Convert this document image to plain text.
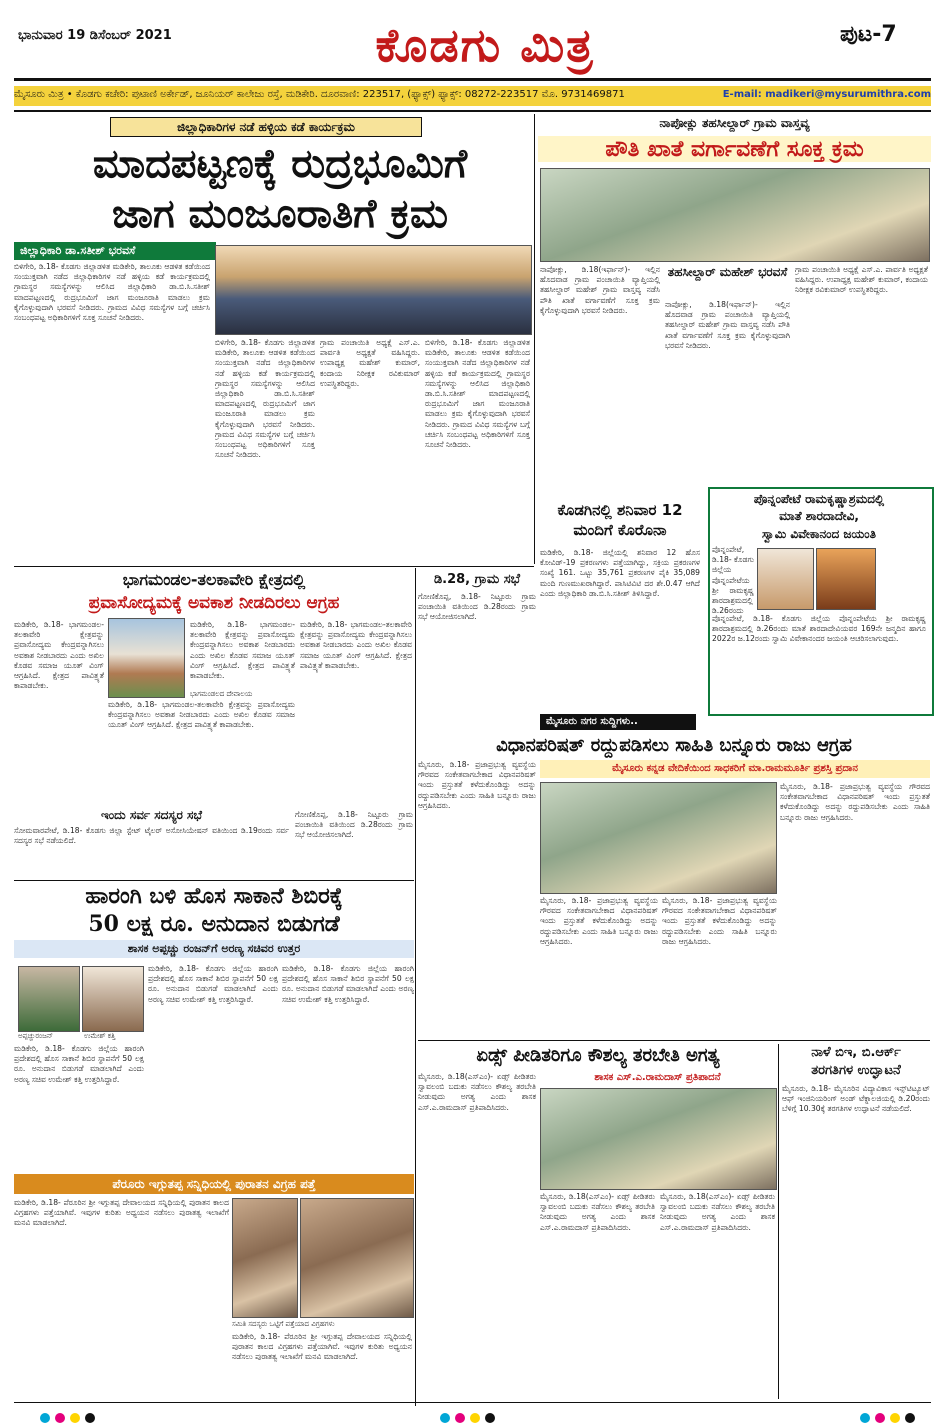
ಭಾನುವಾರ 19 ಡಿಸೆಂಬರ್ 2021	ಕೊಡಗು ಮಿತ್ರ	ಪುಟ-7
ಮೈಸೂರು ಮಿತ್ರ • ಕೊಡಗು ಕಚೇರಿ: ಪುಟಾಣಿ ಅರ್ಕೇಡ್, ಜೂನಿಯರ್ ಕಾಲೇಜು ರಸ್ತೆ, ಮಡಿಕೇರಿ. ದೂರವಾಣಿ: 223517, (ಫ್ಯಾಕ್ಸ್) ಫ್ಯಾಕ್ಸ್: 08272-223517 ಮೊ. 9731469871	E-mail: madikeri@mysurumithra.com
ಜಿಲ್ಲಾಧಿಕಾರಿಗಳ ನಡೆ ಹಳ್ಳಿಯ ಕಡೆ ಕಾರ್ಯಕ್ರಮ
ಮಾದಪಟ್ಟಣಕ್ಕೆ ರುದ್ರಭೂಮಿಗೆ
ಜಾಗ ಮಂಜೂರಾತಿಗೆ ಕ್ರಮ
ಜಿಲ್ಲಾಧಿಕಾರಿ ಡಾ.ಸತೀಶ್ ಭರವಸೆ
ಬಿಳಿಗೇರಿ, ಡಿ.18- ಕೊಡಗು ಜಿಲ್ಲಾಡಳಿತ ಮಡಿಕೇರಿ, ತಾಲೂಕು ಆಡಳಿತ ಕಡೆಯಿಂದ ಸಂಯುಕ್ತವಾಗಿ ನಡೆದ ಜಿಲ್ಲಾಧಿಕಾರಿಗಳ ನಡೆ ಹಳ್ಳಿಯ ಕಡೆ ಕಾರ್ಯಕ್ರಮದಲ್ಲಿ ಗ್ರಾಮಸ್ಥರ ಸಮಸ್ಯೆಗಳನ್ನು ಆಲಿಸಿದ ಜಿಲ್ಲಾಧಿಕಾರಿ ಡಾ.ಬಿ.ಸಿ.ಸತೀಶ್ ಮಾದಪಟ್ಟಣದಲ್ಲಿ ರುದ್ರಭೂಮಿಗೆ ಜಾಗ ಮಂಜೂರಾತಿ ಮಾಡಲು ಕ್ರಮ ಕೈಗೊಳ್ಳುವುದಾಗಿ ಭರವಸೆ ನೀಡಿದರು. ಗ್ರಾಮದ ವಿವಿಧ ಸಮಸ್ಯೆಗಳ ಬಗ್ಗೆ ಚರ್ಚಿಸಿ ಸಂಬಂಧಪಟ್ಟ ಅಧಿಕಾರಿಗಳಿಗೆ ಸೂಕ್ತ ಸೂಚನೆ ನೀಡಿದರು.
ಬಿಳಿಗೇರಿ, ಡಿ.18- ಕೊಡಗು ಜಿಲ್ಲಾಡಳಿತ ಮಡಿಕೇರಿ, ತಾಲೂಕು ಆಡಳಿತ ಕಡೆಯಿಂದ ಸಂಯುಕ್ತವಾಗಿ ನಡೆದ ಜಿಲ್ಲಾಧಿಕಾರಿಗಳ ನಡೆ ಹಳ್ಳಿಯ ಕಡೆ ಕಾರ್ಯಕ್ರಮದಲ್ಲಿ ಗ್ರಾಮಸ್ಥರ ಸಮಸ್ಯೆಗಳನ್ನು ಆಲಿಸಿದ ಜಿಲ್ಲಾಧಿಕಾರಿ ಡಾ.ಬಿ.ಸಿ.ಸತೀಶ್ ಮಾದಪಟ್ಟಣದಲ್ಲಿ ರುದ್ರಭೂಮಿಗೆ ಜಾಗ ಮಂಜೂರಾತಿ ಮಾಡಲು ಕ್ರಮ ಕೈಗೊಳ್ಳುವುದಾಗಿ ಭರವಸೆ ನೀಡಿದರು. ಗ್ರಾಮದ ವಿವಿಧ ಸಮಸ್ಯೆಗಳ ಬಗ್ಗೆ ಚರ್ಚಿಸಿ ಸಂಬಂಧಪಟ್ಟ ಅಧಿಕಾರಿಗಳಿಗೆ ಸೂಕ್ತ ಸೂಚನೆ ನೀಡಿದರು.
ಗ್ರಾಮ ಪಂಚಾಯಿತಿ ಅಧ್ಯಕ್ಷೆ ಎಸ್.ಎ. ಪಾರ್ವತಿ ಅಧ್ಯಕ್ಷತೆ ವಹಿಸಿದ್ದರು. ಉಪಾಧ್ಯಕ್ಷ ಮಹೇಶ್ ಕುಮಾರ್, ಕಂದಾಯ ನಿರೀಕ್ಷಕ ರವಿಕುಮಾರ್ ಉಪಸ್ಥಿತರಿದ್ದರು.
ಬಿಳಿಗೇರಿ, ಡಿ.18- ಕೊಡಗು ಜಿಲ್ಲಾಡಳಿತ ಮಡಿಕೇರಿ, ತಾಲೂಕು ಆಡಳಿತ ಕಡೆಯಿಂದ ಸಂಯುಕ್ತವಾಗಿ ನಡೆದ ಜಿಲ್ಲಾಧಿಕಾರಿಗಳ ನಡೆ ಹಳ್ಳಿಯ ಕಡೆ ಕಾರ್ಯಕ್ರಮದಲ್ಲಿ ಗ್ರಾಮಸ್ಥರ ಸಮಸ್ಯೆಗಳನ್ನು ಆಲಿಸಿದ ಜಿಲ್ಲಾಧಿಕಾರಿ ಡಾ.ಬಿ.ಸಿ.ಸತೀಶ್ ಮಾದಪಟ್ಟಣದಲ್ಲಿ ರುದ್ರಭೂಮಿಗೆ ಜಾಗ ಮಂಜೂರಾತಿ ಮಾಡಲು ಕ್ರಮ ಕೈಗೊಳ್ಳುವುದಾಗಿ ಭರವಸೆ ನೀಡಿದರು. ಗ್ರಾಮದ ವಿವಿಧ ಸಮಸ್ಯೆಗಳ ಬಗ್ಗೆ ಚರ್ಚಿಸಿ ಸಂಬಂಧಪಟ್ಟ ಅಧಿಕಾರಿಗಳಿಗೆ ಸೂಕ್ತ ಸೂಚನೆ ನೀಡಿದರು.
ನಾಪೋಕ್ಲು ತಹಸೀಲ್ದಾರ್ ಗ್ರಾಮ ವಾಸ್ತವ್ಯ
ಪೌತಿ ಖಾತೆ ವರ್ಗಾವಣೆಗೆ ಸೂಕ್ತ ಕ್ರಮ
ನಾಪೋಕ್ಲು, ಡಿ.18(ಇರ್ಫಾನ್)- ಇಲ್ಲಿನ ಹೊದವಾಡ ಗ್ರಾಮ ಪಂಚಾಯಿತಿ ವ್ಯಾಪ್ತಿಯಲ್ಲಿ ತಹಸೀಲ್ದಾರ್ ಮಹೇಶ್ ಗ್ರಾಮ ವಾಸ್ತವ್ಯ ನಡೆಸಿ ಪೌತಿ ಖಾತೆ ವರ್ಗಾವಣೆಗೆ ಸೂಕ್ತ ಕ್ರಮ ಕೈಗೊಳ್ಳುವುದಾಗಿ ಭರವಸೆ ನೀಡಿದರು.
ತಹಸೀಲ್ದಾರ್ ಮಹೇಶ್ ಭರವಸೆ
ನಾಪೋಕ್ಲು, ಡಿ.18(ಇರ್ಫಾನ್)- ಇಲ್ಲಿನ ಹೊದವಾಡ ಗ್ರಾಮ ಪಂಚಾಯಿತಿ ವ್ಯಾಪ್ತಿಯಲ್ಲಿ ತಹಸೀಲ್ದಾರ್ ಮಹೇಶ್ ಗ್ರಾಮ ವಾಸ್ತವ್ಯ ನಡೆಸಿ ಪೌತಿ ಖಾತೆ ವರ್ಗಾವಣೆಗೆ ಸೂಕ್ತ ಕ್ರಮ ಕೈಗೊಳ್ಳುವುದಾಗಿ ಭರವಸೆ ನೀಡಿದರು.
ಗ್ರಾಮ ಪಂಚಾಯಿತಿ ಅಧ್ಯಕ್ಷೆ ಎಸ್.ಎ. ಪಾರ್ವತಿ ಅಧ್ಯಕ್ಷತೆ ವಹಿಸಿದ್ದರು. ಉಪಾಧ್ಯಕ್ಷ ಮಹೇಶ್ ಕುಮಾರ್, ಕಂದಾಯ ನಿರೀಕ್ಷಕ ರವಿಕುಮಾರ್ ಉಪಸ್ಥಿತರಿದ್ದರು.
ಕೊಡಗಿನಲ್ಲಿ ಶನಿವಾರ 12 ಮಂದಿಗೆ ಕೊರೊನಾ
ಮಡಿಕೇರಿ, ಡಿ.18- ಜಿಲ್ಲೆಯಲ್ಲಿ ಶನಿವಾರ 12 ಹೊಸ ಕೋವಿಡ್-19 ಪ್ರಕರಣಗಳು ಪತ್ತೆಯಾಗಿದ್ದು, ಸಕ್ರಿಯ ಪ್ರಕರಣಗಳ ಸಂಖ್ಯೆ 161. ಒಟ್ಟು 35,761 ಪ್ರಕರಣಗಳ ಪೈಕಿ 35,089 ಮಂದಿ ಗುಣಮುಖರಾಗಿದ್ದಾರೆ. ಪಾಸಿಟಿವಿಟಿ ದರ ಶೇ.0.47 ಆಗಿದೆ ಎಂದು ಜಿಲ್ಲಾಧಿಕಾರಿ ಡಾ.ಬಿ.ಸಿ.ಸತೀಶ್ ತಿಳಿಸಿದ್ದಾರೆ.
ಪೊನ್ನಂಪೇಟೆ ರಾಮಕೃಷ್ಣಾಶ್ರಮದಲ್ಲಿ
ಮಾತೆ ಶಾರದಾದೇವಿ,
ಸ್ವಾಮಿ ವಿವೇಕಾನಂದ ಜಯಂತಿ
ಪೊನ್ನಂಪೇಟೆ, ಡಿ.18- ಕೊಡಗು ಜಿಲ್ಲೆಯ ಪೊನ್ನಂಪೇಟೆಯ ಶ್ರೀ ರಾಮಕೃಷ್ಣ ಶಾರದಾಶ್ರಮದಲ್ಲಿ ಡಿ.26ರಂದು
ಪೊನ್ನಂಪೇಟೆ, ಡಿ.18- ಕೊಡಗು ಜಿಲ್ಲೆಯ ಪೊನ್ನಂಪೇಟೆಯ ಶ್ರೀ ರಾಮಕೃಷ್ಣ ಶಾರದಾಶ್ರಮದಲ್ಲಿ ಡಿ.26ರಂದು ಮಾತೆ ಶಾರದಾದೇವಿಯವರ 169ನೇ ಜನ್ಮದಿನ ಹಾಗೂ 2022ರ ಜ.12ರಂದು ಸ್ವಾಮಿ ವಿವೇಕಾನಂದರ ಜಯಂತಿ ಆಚರಿಸಲಾಗುವುದು.
ಭಾಗಮಂಡಲ-ತಲಕಾವೇರಿ ಕ್ಷೇತ್ರದಲ್ಲಿ
ಪ್ರವಾಸೋದ್ಯಮಕ್ಕೆ ಅವಕಾಶ ನೀಡದಿರಲು ಆಗ್ರಹ
ಮಡಿಕೇರಿ, ಡಿ.18- ಭಾಗಮಂಡಲ-ತಲಕಾವೇರಿ ಕ್ಷೇತ್ರವನ್ನು ಪ್ರವಾಸೋದ್ಯಮ ಕೇಂದ್ರವನ್ನಾಗಿಸಲು ಅವಕಾಶ ನೀಡಬಾರದು ಎಂದು ಅಖಿಲ ಕೊಡವ ಸಮಾಜ ಯೂತ್ ವಿಂಗ್ ಆಗ್ರಹಿಸಿದೆ. ಕ್ಷೇತ್ರದ ಪಾವಿತ್ರ್ಯತೆ ಕಾಪಾಡಬೇಕು.
ಮಡಿಕೇರಿ, ಡಿ.18- ಭಾಗಮಂಡಲ-ತಲಕಾವೇರಿ ಕ್ಷೇತ್ರವನ್ನು ಪ್ರವಾಸೋದ್ಯಮ ಕೇಂದ್ರವನ್ನಾಗಿಸಲು ಅವಕಾಶ ನೀಡಬಾರದು ಎಂದು ಅಖಿಲ ಕೊಡವ ಸಮಾಜ ಯೂತ್ ವಿಂಗ್ ಆಗ್ರಹಿಸಿದೆ. ಕ್ಷೇತ್ರದ ಪಾವಿತ್ರ್ಯತೆ ಕಾಪಾಡಬೇಕು.
ಭಾಗಮಂಡಲದ ದೇವಾಲಯ
ಮಡಿಕೇರಿ, ಡಿ.18- ಭಾಗಮಂಡಲ-ತಲಕಾವೇರಿ ಕ್ಷೇತ್ರವನ್ನು ಪ್ರವಾಸೋದ್ಯಮ ಕೇಂದ್ರವನ್ನಾಗಿಸಲು ಅವಕಾಶ ನೀಡಬಾರದು ಎಂದು ಅಖಿಲ ಕೊಡವ ಸಮಾಜ ಯೂತ್ ವಿಂಗ್ ಆಗ್ರಹಿಸಿದೆ. ಕ್ಷೇತ್ರದ ಪಾವಿತ್ರ್ಯತೆ ಕಾಪಾಡಬೇಕು.
ಮಡಿಕೇರಿ, ಡಿ.18- ಭಾಗಮಂಡಲ-ತಲಕಾವೇರಿ ಕ್ಷೇತ್ರವನ್ನು ಪ್ರವಾಸೋದ್ಯಮ ಕೇಂದ್ರವನ್ನಾಗಿಸಲು ಅವಕಾಶ ನೀಡಬಾರದು ಎಂದು ಅಖಿಲ ಕೊಡವ ಸಮಾಜ ಯೂತ್ ವಿಂಗ್ ಆಗ್ರಹಿಸಿದೆ. ಕ್ಷೇತ್ರದ ಪಾವಿತ್ರ್ಯತೆ ಕಾಪಾಡಬೇಕು.
ಡಿ.28, ಗ್ರಾಮ ಸಭೆ
ಗೋಣಿಕೊಪ್ಪ, ಡಿ.18- ನಿಟ್ಟೂರು ಗ್ರಾಮ ಪಂಚಾಯಿತಿ ವತಿಯಿಂದ ಡಿ.28ರಂದು ಗ್ರಾಮ ಸಭೆ ಆಯೋಜಿಸಲಾಗಿದೆ.
ಇಂದು ಸರ್ವ ಸದಸ್ಯರ ಸಭೆ
ಸೋಮವಾರಪೇಟೆ, ಡಿ.18- ಕೊಡಗು ಜಿಲ್ಲಾ ಸ್ಟೇಟ್ ಟೈಲರ್ ಅಸೋಸಿಯೇಷನ್ ವತಿಯಿಂದ ಡಿ.19ರಂದು ಸರ್ವ ಸದಸ್ಯರ ಸಭೆ ನಡೆಯಲಿದೆ.
ಗೋಣಿಕೊಪ್ಪ, ಡಿ.18- ನಿಟ್ಟೂರು ಗ್ರಾಮ ಪಂಚಾಯಿತಿ ವತಿಯಿಂದ ಡಿ.28ರಂದು ಗ್ರಾಮ ಸಭೆ ಆಯೋಜಿಸಲಾಗಿದೆ.
ಹಾರಂಗಿ ಬಳಿ ಹೊಸ ಸಾಕಾನೆ ಶಿಬಿರಕ್ಕೆ
50 ಲಕ್ಷ ರೂ. ಅನುದಾನ ಬಿಡುಗಡೆ
ಶಾಸಕ ಅಪ್ಪಚ್ಚು ರಂಜನ್‌ಗೆ ಅರಣ್ಯ ಸಚಿವರ ಉತ್ತರ
ಅಪ್ಪಚ್ಚುರಂಜನ್	ಉಮೇಶ್ ಕತ್ತಿ
ಮಡಿಕೇರಿ, ಡಿ.18- ಕೊಡಗು ಜಿಲ್ಲೆಯ ಹಾರಂಗಿ ಪ್ರದೇಶದಲ್ಲಿ ಹೊಸ ಸಾಕಾನೆ ಶಿಬಿರ ಸ್ಥಾಪನೆಗೆ 50 ಲಕ್ಷ ರೂ. ಅನುದಾನ ಬಿಡುಗಡೆ ಮಾಡಲಾಗಿದೆ ಎಂದು ಅರಣ್ಯ ಸಚಿವ ಉಮೇಶ್ ಕತ್ತಿ ಉತ್ತರಿಸಿದ್ದಾರೆ.
ಮಡಿಕೇರಿ, ಡಿ.18- ಕೊಡಗು ಜಿಲ್ಲೆಯ ಹಾರಂಗಿ ಪ್ರದೇಶದಲ್ಲಿ ಹೊಸ ಸಾಕಾನೆ ಶಿಬಿರ ಸ್ಥಾಪನೆಗೆ 50 ಲಕ್ಷ ರೂ. ಅನುದಾನ ಬಿಡುಗಡೆ ಮಾಡಲಾಗಿದೆ ಎಂದು ಅರಣ್ಯ ಸಚಿವ ಉಮೇಶ್ ಕತ್ತಿ ಉತ್ತರಿಸಿದ್ದಾರೆ.
ಮಡಿಕೇರಿ, ಡಿ.18- ಕೊಡಗು ಜಿಲ್ಲೆಯ ಹಾರಂಗಿ ಪ್ರದೇಶದಲ್ಲಿ ಹೊಸ ಸಾಕಾನೆ ಶಿಬಿರ ಸ್ಥಾಪನೆಗೆ 50 ಲಕ್ಷ ರೂ. ಅನುದಾನ ಬಿಡುಗಡೆ ಮಾಡಲಾಗಿದೆ ಎಂದು ಅರಣ್ಯ ಸಚಿವ ಉಮೇಶ್ ಕತ್ತಿ ಉತ್ತರಿಸಿದ್ದಾರೆ.
ಪೆರೂರು ಇಗ್ಗುತಪ್ಪ ಸನ್ನಿಧಿಯಲ್ಲಿ ಪುರಾತನ ವಿಗ್ರಹ ಪತ್ತೆ
ಮಡಿಕೇರಿ, ಡಿ.18- ಪೆರೂರಿನ ಶ್ರೀ ಇಗ್ಗುತಪ್ಪ ದೇವಾಲಯದ ಸನ್ನಿಧಿಯಲ್ಲಿ ಪುರಾತನ ಕಾಲದ ವಿಗ್ರಹಗಳು ಪತ್ತೆಯಾಗಿವೆ. ಇವುಗಳ ಕುರಿತು ಅಧ್ಯಯನ ನಡೆಸಲು ಪುರಾತತ್ವ ಇಲಾಖೆಗೆ ಮನವಿ ಮಾಡಲಾಗಿದೆ.
ಸಮಿತಿ ಸದಸ್ಯರು ಒಟ್ಟಿಗೆ ಪತ್ತೆಯಾದ ವಿಗ್ರಹಗಳು
ಮಡಿಕೇರಿ, ಡಿ.18- ಪೆರೂರಿನ ಶ್ರೀ ಇಗ್ಗುತಪ್ಪ ದೇವಾಲಯದ ಸನ್ನಿಧಿಯಲ್ಲಿ ಪುರಾತನ ಕಾಲದ ವಿಗ್ರಹಗಳು ಪತ್ತೆಯಾಗಿವೆ. ಇವುಗಳ ಕುರಿತು ಅಧ್ಯಯನ ನಡೆಸಲು ಪುರಾತತ್ವ ಇಲಾಖೆಗೆ ಮನವಿ ಮಾಡಲಾಗಿದೆ.
ಮೈಸೂರು ನಗರ ಸುದ್ದಿಗಳು..
ವಿಧಾನಪರಿಷತ್ ರದ್ದುಪಡಿಸಲು ಸಾಹಿತಿ ಬನ್ನೂರು ರಾಜು ಆಗ್ರಹ
ಮೈಸೂರು ಕನ್ನಡ ವೇದಿಕೆಯಿಂದ ಸಾಧಕರಿಗೆ ಮಾ.ರಾಮಮೂರ್ತಿ ಪ್ರಶಸ್ತಿ ಪ್ರದಾನ
ಮೈಸೂರು, ಡಿ.18- ಪ್ರಜಾಪ್ರಭುತ್ವ ವ್ಯವಸ್ಥೆಯ ಗೌರವದ ಸಂಕೇತವಾಗಬೇಕಾದ ವಿಧಾನಪರಿಷತ್ ಇಂದು ಪ್ರಸ್ತುತತೆ ಕಳೆದುಕೊಂಡಿದ್ದು ಅದನ್ನು ರದ್ದುಪಡಿಸಬೇಕು ಎಂದು ಸಾಹಿತಿ ಬನ್ನೂರು ರಾಜು ಆಗ್ರಹಿಸಿದರು.
ಮೈಸೂರು, ಡಿ.18- ಪ್ರಜಾಪ್ರಭುತ್ವ ವ್ಯವಸ್ಥೆಯ ಗೌರವದ ಸಂಕೇತವಾಗಬೇಕಾದ ವಿಧಾನಪರಿಷತ್ ಇಂದು ಪ್ರಸ್ತುತತೆ ಕಳೆದುಕೊಂಡಿದ್ದು ಅದನ್ನು ರದ್ದುಪಡಿಸಬೇಕು ಎಂದು ಸಾಹಿತಿ ಬನ್ನೂರು ರಾಜು ಆಗ್ರಹಿಸಿದರು.
ಮೈಸೂರು, ಡಿ.18- ಪ್ರಜಾಪ್ರಭುತ್ವ ವ್ಯವಸ್ಥೆಯ ಗೌರವದ ಸಂಕೇತವಾಗಬೇಕಾದ ವಿಧಾನಪರಿಷತ್ ಇಂದು ಪ್ರಸ್ತುತತೆ ಕಳೆದುಕೊಂಡಿದ್ದು ಅದನ್ನು ರದ್ದುಪಡಿಸಬೇಕು ಎಂದು ಸಾಹಿತಿ ಬನ್ನೂರು ರಾಜು ಆಗ್ರಹಿಸಿದರು.
ಮೈಸೂರು, ಡಿ.18- ಪ್ರಜಾಪ್ರಭುತ್ವ ವ್ಯವಸ್ಥೆಯ ಗೌರವದ ಸಂಕೇತವಾಗಬೇಕಾದ ವಿಧಾನಪರಿಷತ್ ಇಂದು ಪ್ರಸ್ತುತತೆ ಕಳೆದುಕೊಂಡಿದ್ದು ಅದನ್ನು ರದ್ದುಪಡಿಸಬೇಕು ಎಂದು ಸಾಹಿತಿ ಬನ್ನೂರು ರಾಜು ಆಗ್ರಹಿಸಿದರು.
ಏಡ್ಸ್ ಪೀಡಿತರಿಗೂ ಕೌಶಲ್ಯ ತರಬೇತಿ ಅಗತ್ಯ
ಶಾಸಕ ಎಸ್.ಎ.ರಾಮದಾಸ್ ಪ್ರತಿಪಾದನೆ
ಮೈಸೂರು, ಡಿ.18(ಎಸ್‌ಎಂ)- ಏಡ್ಸ್ ಪೀಡಿತರು ಸ್ವಾವಲಂಬಿ ಬದುಕು ನಡೆಸಲು ಕೌಶಲ್ಯ ತರಬೇತಿ ನೀಡುವುದು ಅಗತ್ಯ ಎಂದು ಶಾಸಕ ಎಸ್.ಎ.ರಾಮದಾಸ್ ಪ್ರತಿಪಾದಿಸಿದರು.
ಮೈಸೂರು, ಡಿ.18(ಎಸ್‌ಎಂ)- ಏಡ್ಸ್ ಪೀಡಿತರು ಸ್ವಾವಲಂಬಿ ಬದುಕು ನಡೆಸಲು ಕೌಶಲ್ಯ ತರಬೇತಿ ನೀಡುವುದು ಅಗತ್ಯ ಎಂದು ಶಾಸಕ ಎಸ್.ಎ.ರಾಮದಾಸ್ ಪ್ರತಿಪಾದಿಸಿದರು.
ಮೈಸೂರು, ಡಿ.18(ಎಸ್‌ಎಂ)- ಏಡ್ಸ್ ಪೀಡಿತರು ಸ್ವಾವಲಂಬಿ ಬದುಕು ನಡೆಸಲು ಕೌಶಲ್ಯ ತರಬೇತಿ ನೀಡುವುದು ಅಗತ್ಯ ಎಂದು ಶಾಸಕ ಎಸ್.ಎ.ರಾಮದಾಸ್ ಪ್ರತಿಪಾದಿಸಿದರು.
ನಾಳೆ ಬಿಇ, ಬಿ.ಆರ್ಕ್
ತರಗತಿಗಳ ಉದ್ಘಾಟನೆ
ಮೈಸೂರು, ಡಿ.18- ಮೈಸೂರಿನ ವಿದ್ಯಾವಿಕಾಸ ಇನ್ಸ್‌ಟಿಟ್ಯೂಟ್ ಆಫ್ ಇಂಜಿನಿಯರಿಂಗ್ ಅಂಡ್ ಟೆಕ್ನಾಲಜಿಯಲ್ಲಿ ಡಿ.20ರಂದು ಬೆಳಿಗ್ಗೆ 10.30ಕ್ಕೆ ತರಗತಿಗಳ ಉದ್ಘಾಟನೆ ನಡೆಯಲಿದೆ.
